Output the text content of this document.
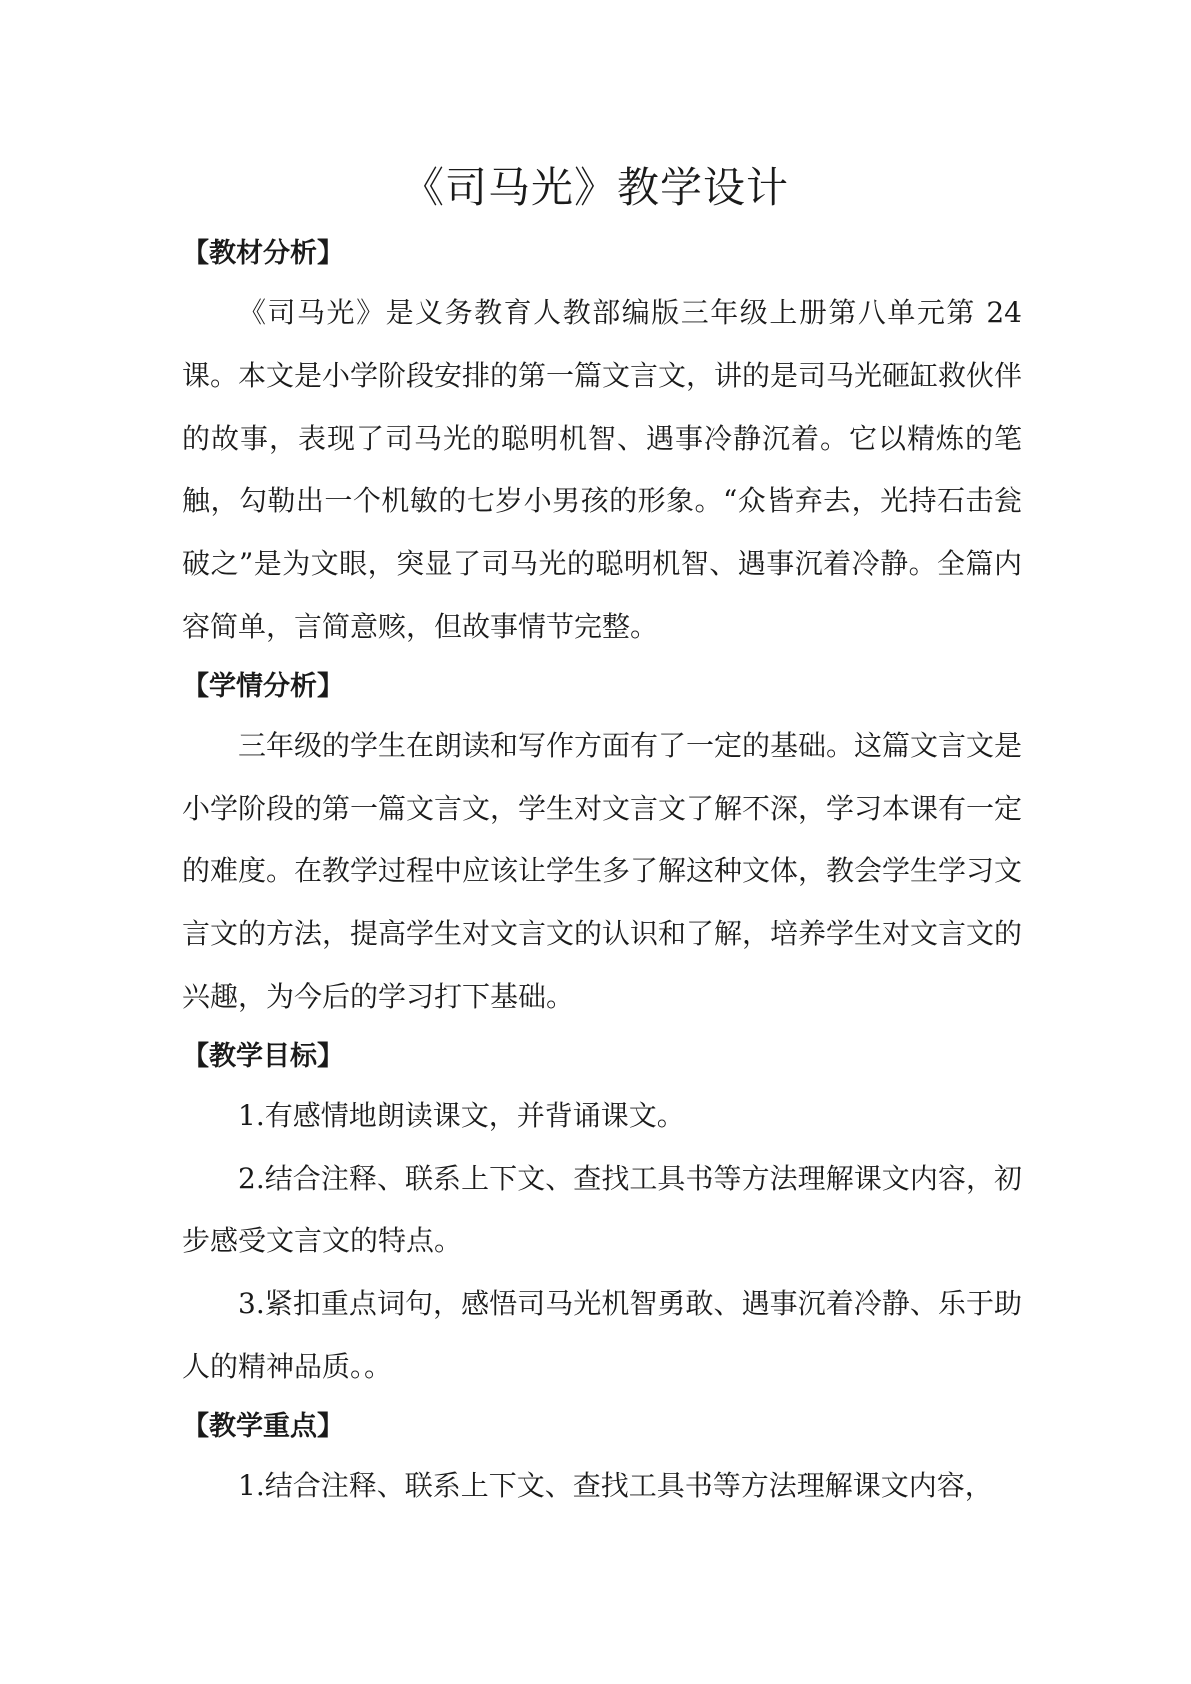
《司马光》教学设计
【教材分析】

《司马光》是义务教育人教部编版三年级上册第八单元第 24 课。本文是小学阶段安排的第一篇文言文，讲的是司马光砸缸救伙伴的故事，表现了司马光的聪明机智、遇事冷静沉着。它以精炼的笔触，勾勒出一个机敏的七岁小男孩的形象。“众皆弃去，光持石击瓮破之”是为文眼，突显了司马光的聪明机智、遇事沉着冷静。全篇内容简单，言简意赅，但故事情节完整。

【学情分析】

三年级的学生在朗读和写作方面有了一定的基础。这篇文言文是小学阶段的第一篇文言文，学生对文言文了解不深，学习本课有一定的难度。在教学过程中应该让学生多了解这种文体，教会学生学习文言文的方法，提高学生对文言文的认识和了解，培养学生对文言文的兴趣，为今后的学习打下基础。

【教学目标】

1.有感情地朗读课文，并背诵课文。

2.结合注释、联系上下文、查找工具书等方法理解课文内容，初步感受文言文的特点。

3.紧扣重点词句，感悟司马光机智勇敢、遇事沉着冷静、乐于助人的精神品质。。

【教学重点】

1.结合注释、联系上下文、查找工具书等方法理解课文内容，
